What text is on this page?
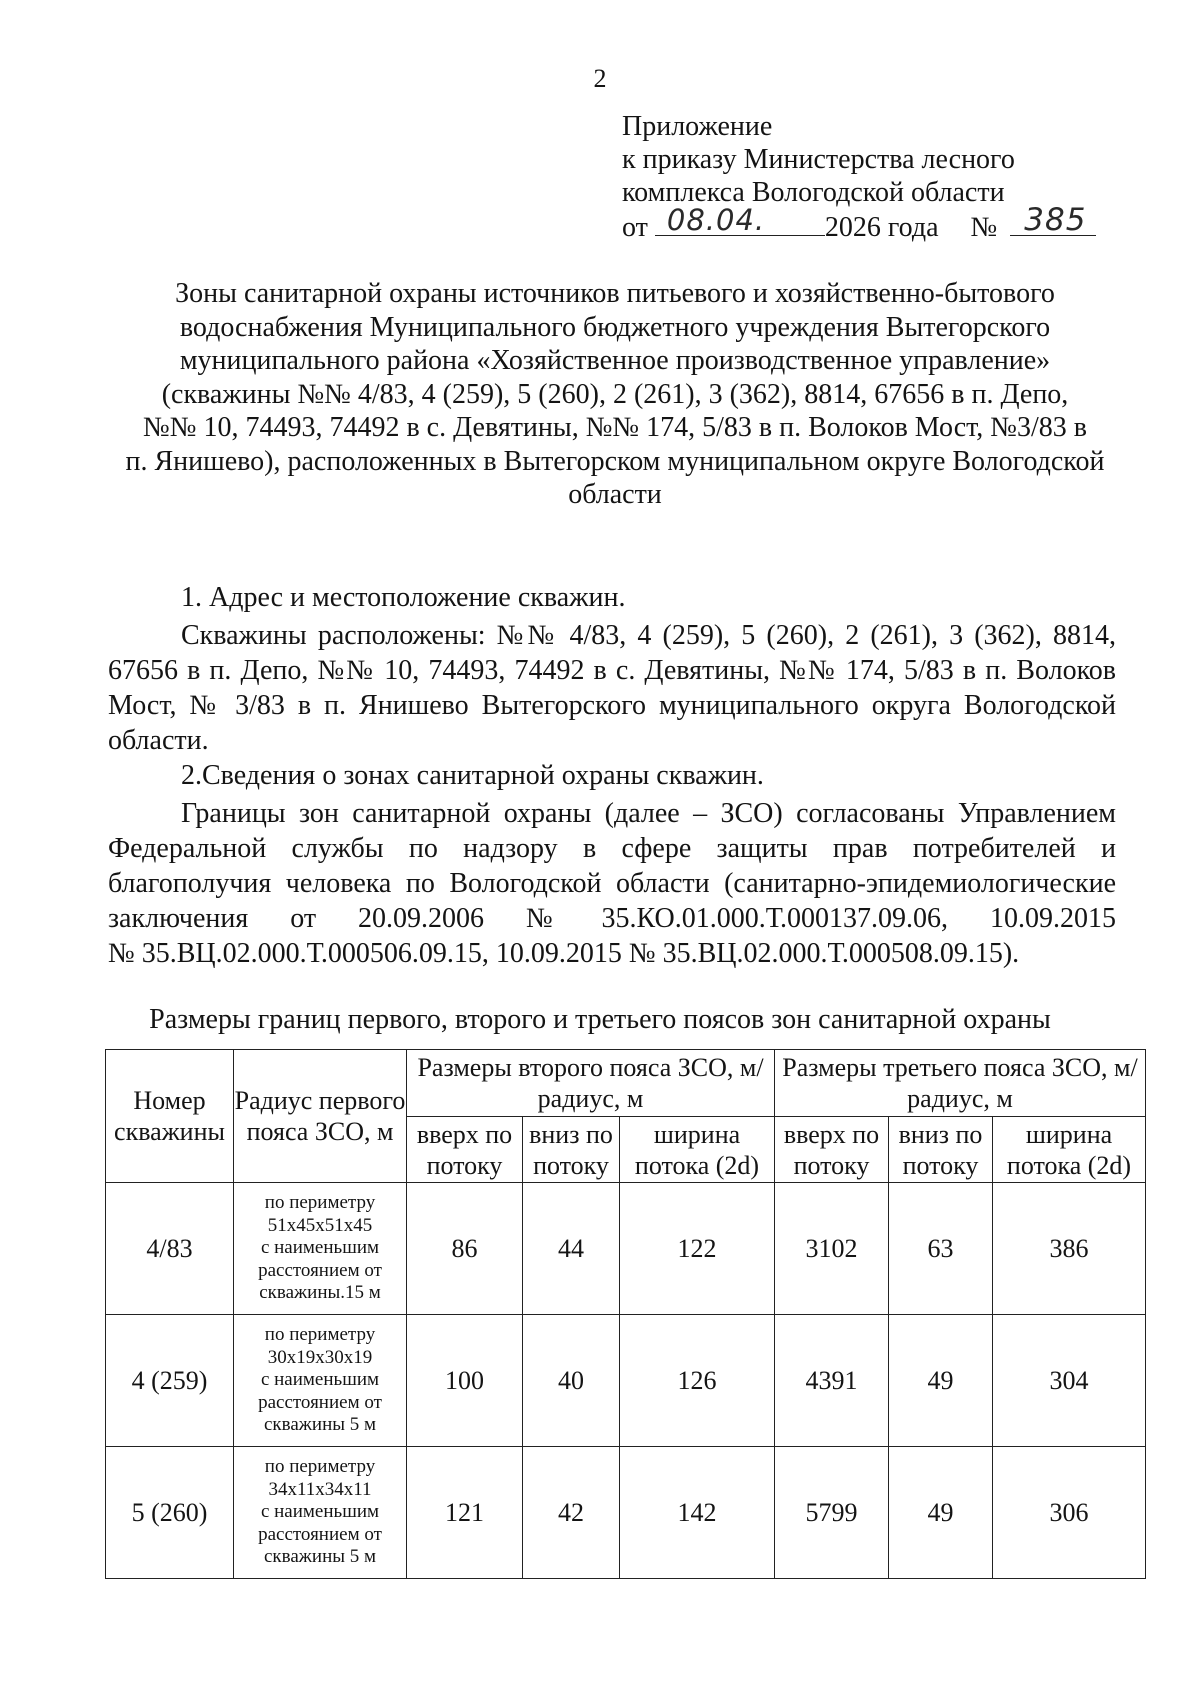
2
Приложение
к приказу Министерства лесного
комплекса Вологодской области
от 08.04. 2026 года № 385
Зоны санитарной охраны источников питьевого и хозяйственно-бытового
водоснабжения Муниципального бюджетного учреждения Вытегорского
муниципального района «Хозяйственное производственное управление»
(скважины №№ 4/83, 4 (259), 5 (260), 2 (261), 3 (362), 8814, 67656 в п. Депо,
№№ 10, 74493, 74492 в с. Девятины, №№ 174, 5/83 в п. Волоков Мост, №3/83 в
п. Янишево), расположенных в Вытегорском муниципальном округе Вологодской
области
1. Адрес и местоположение скважин.
Скважины расположены: №№ 4/83, 4 (259), 5 (260), 2 (261), 3 (362), 8814,
67656 в п. Депо, №№ 10, 74493, 74492 в с. Девятины, №№ 174, 5/83 в п. Волоков
Мост, № 3/83 в п. Янишево Вытегорского муниципального округа Вологодской
области.
2.Сведения о зонах санитарной охраны скважин.
Границы зон санитарной охраны (далее – ЗСО) согласованы Управлением
Федеральной службы по надзору в сфере защиты прав потребителей и
благополучия человека по Вологодской области (санитарно-эпидемиологические
заключения от 20.09.2006 № 35.КО.01.000.Т.000137.09.06, 10.09.2015
№ 35.ВЦ.02.000.Т.000506.09.15, 10.09.2015 № 35.ВЦ.02.000.Т.000508.09.15).
Размеры границ первого, второго и третьего поясов зон санитарной охраны
Номер скважины	Радиус первого пояса ЗСО, м	Размеры второго пояса ЗСО, м/радиус, м			Размеры третьего пояса ЗСО, м/радиус, м		
		вверх по потоку	вниз по потоку	ширина потока (2d)	вверх по потоку	вниз по потоку	ширина потока (2d)
4/83	по периметру
51х45х51х45
с наименьшим
расстоянием от
скважины.15 м	86	44	122	3102	63	386
4 (259)	по периметру
30х19х30х19
с наименьшим
расстоянием от
скважины 5 м	100	40	126	4391	49	304
5 (260)	по периметру
34х11х34х11
с наименьшим
расстоянием от
скважины 5 м	121	42	142	5799	49	306
